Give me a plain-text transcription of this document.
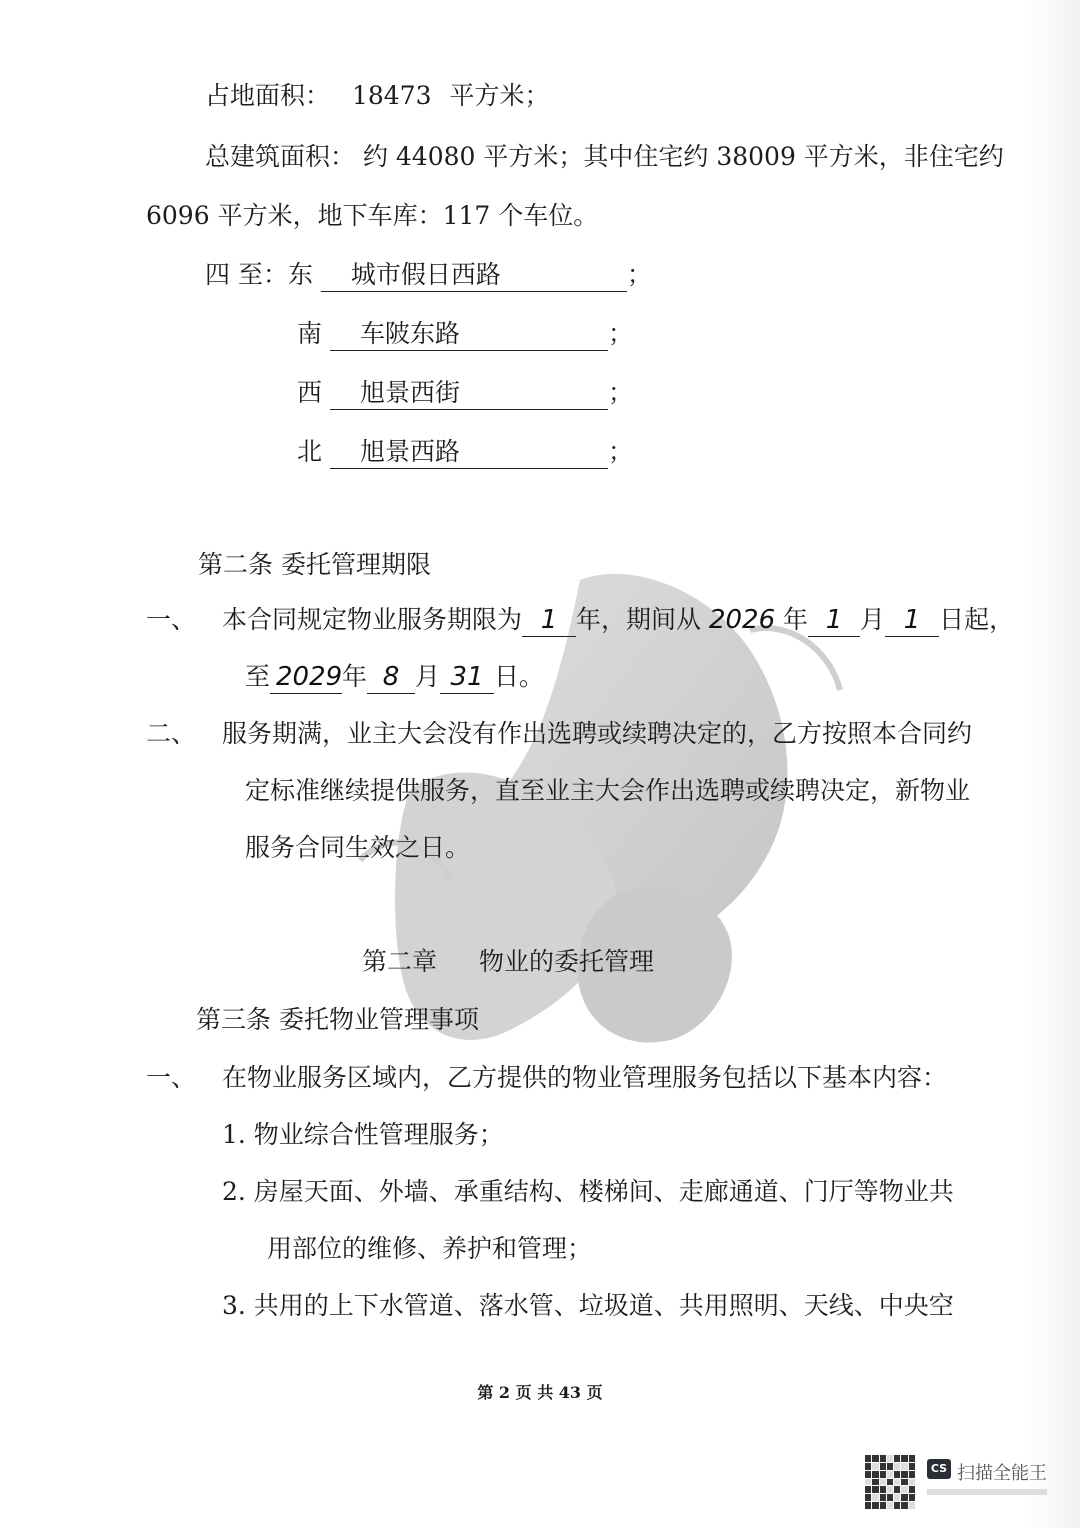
占地面积： 18473 平方米；
总建筑面积： 约 44080 平方米；其中住宅约 38009 平方米，非住宅约
6096 平方米，地下车库：117 个车位。
四 至：东 城市假日西路	；
南 车陂东路	；
西 旭景西街	；
北 旭景西路	；
第二条 委托管理期限
一、 本合同规定物业服务期限为 1 年，期间从 2026 年 1 月 1 日起，
至 2029年 8 月 31 日。
二、 服务期满，业主大会没有作出选聘或续聘决定的，乙方按照本合同约
定标准继续提供服务，直至业主大会作出选聘或续聘决定，新物业
服务合同生效之日。
第二章 物业的委托管理
第三条 委托物业管理事项
一、 在物业服务区域内，乙方提供的物业管理服务包括以下基本内容：
1. 物业综合性管理服务；
2. 房屋天面、外墙、承重结构、楼梯间、走廊通道、门厅等物业共
用部位的维修、养护和管理；
3. 共用的上下水管道、落水管、垃圾道、共用照明、天线、中央空
第 2 页 共 43 页
CS 扫描全能王
